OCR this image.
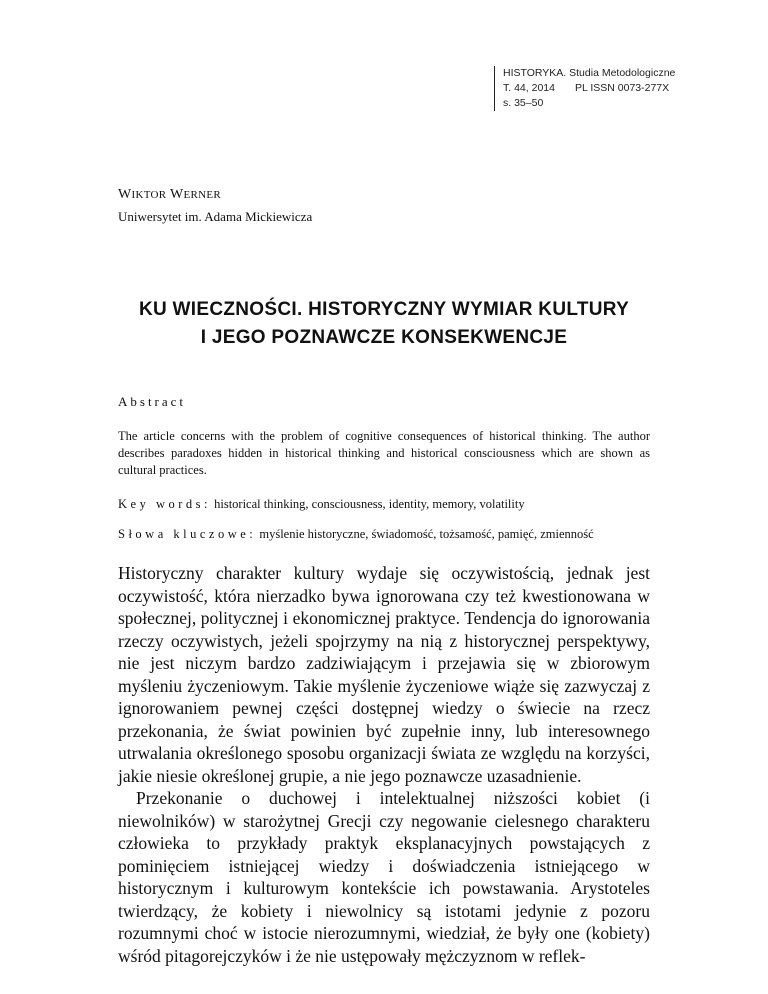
HISTORYKA. Studia Metodologiczne
T. 44, 2014 PL ISSN 0073-277X
s. 35–50
WIKTOR WERNER
Uniwersytet im. Adama Mickiewicza
KU WIECZNOŚCI. HISTORYCZNY WYMIAR KULTURY
I JEGO POZNAWCZE KONSEKWENCJE
Abstract
The article concerns with the problem of cognitive consequences of historical thinking. The author describes paradoxes hidden in historical thinking and historical consciousness which are shown as cultural practices.
Key words: historical thinking, consciousness, identity, memory, volatility
Słowa kluczowe: myślenie historyczne, świadomość, tożsamość, pamięć, zmienność

Historyczny charakter kultury wydaje się oczywistością, jednak jest oczywistość, która nierzadko bywa ignorowana czy też kwestionowana w społecznej, politycznej i ekonomicznej praktyce. Tendencja do ignorowania rzeczy oczywistych, jeżeli spojrzymy na nią z historycznej perspektywy, nie jest niczym bardzo zadziwiającym i przejawia się w zbiorowym myśleniu życzeniowym. Takie myślenie życzeniowe wiąże się zazwyczaj z ignorowaniem pewnej części dostępnej wiedzy o świecie na rzecz przekonania, że świat powinien być zupełnie inny, lub interesownego utrwalania określonego sposobu organizacji świata ze względu na korzyści, jakie niesie określonej grupie, a nie jego poznawcze uzasadnienie.

Przekonanie o duchowej i intelektualnej niższości kobiet (i niewolników) w starożytnej Grecji czy negowanie cielesnego charakteru człowieka to przykłady praktyk eksplanacyjnych powstających z pominięciem istniejącej wiedzy i doświadczenia istniejącego w historycznym i kulturowym kontekście ich powstawania. Arystoteles twierdzący, że kobiety i niewolnicy są istotami jedynie z pozoru rozumnymi choć w istocie nierozumnymi, wiedział, że były one (kobiety) wśród pitagorejczyków i że nie ustępowały mężczyznom w reflek-
